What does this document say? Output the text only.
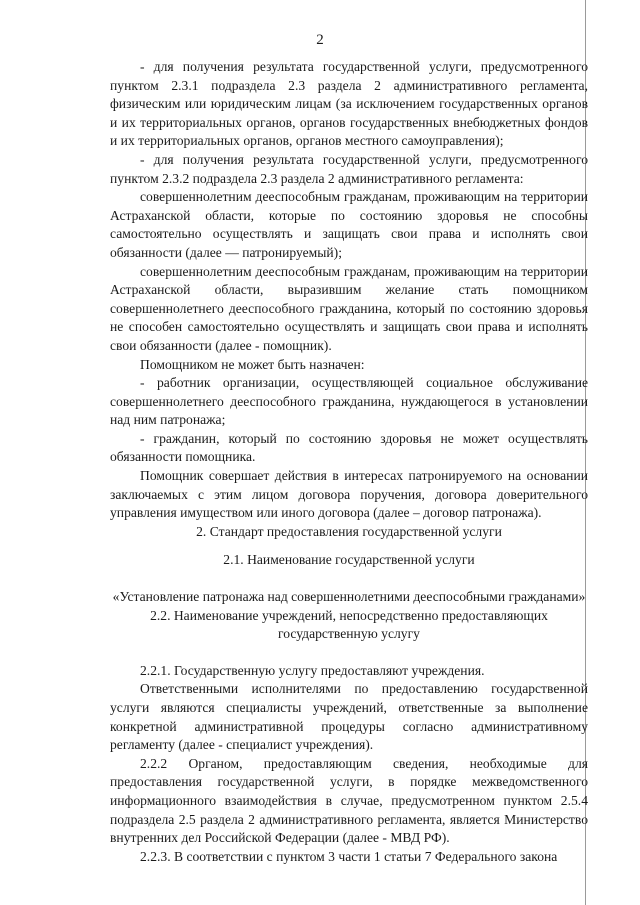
2

- для получения результата государственной услуги, предусмотренного пунктом 2.3.1 подраздела 2.3 раздела 2 административного регламента, физическим или юридическим лицам (за исключением государственных органов и их территориальных органов, органов государственных внебюджетных фондов и их территориальных органов, органов местного самоуправления);

- для получения результата государственной услуги, предусмотренного пунктом 2.3.2 подраздела 2.3 раздела 2 административного регламента:

совершеннолетним дееспособным гражданам, проживающим на территории Астраханской области, которые по состоянию здоровья не способны самостоятельно осуществлять и защищать свои права и исполнять свои обязанности (далее — патронируемый);

совершеннолетним дееспособным гражданам, проживающим на территории Астраханской области, выразившим желание стать помощником совершеннолетнего дееспособного гражданина, который по состоянию здоровья не способен самостоятельно осуществлять и защищать свои права и исполнять свои обязанности (далее - помощник).

Помощником не может быть назначен:

- работник организации, осуществляющей социальное обслуживание совершеннолетнего дееспособного гражданина, нуждающегося в установлении над ним патронажа;

- гражданин, который по состоянию здоровья не может осуществлять обязанности помощника.

Помощник совершает действия в интересах патронируемого на основании заключаемых с этим лицом договора поручения, договора доверительного управления имуществом или иного договора (далее – договор патронажа).

2. Стандарт предоставления государственной услуги

2.1. Наименование государственной услуги

«Установление патронажа над совершеннолетними дееспособными гражданами»

2.2. Наименование учреждений, непосредственно предоставляющих государственную услугу

2.2.1. Государственную услугу предоставляют учреждения.

Ответственными исполнителями по предоставлению государственной услуги являются специалисты учреждений, ответственные за выполнение конкретной административной процедуры согласно административному регламенту (далее - специалист учреждения).

2.2.2 Органом, предоставляющим сведения, необходимые для предоставления государственной услуги, в порядке межведомственного информационного взаимодействия в случае, предусмотренном пунктом 2.5.4 подраздела 2.5 раздела 2 административного регламента, является Министерство внутренних дел Российской Федерации (далее - МВД РФ).

2.2.3. В соответствии с пунктом 3 части 1 статьи 7 Федерального закона
